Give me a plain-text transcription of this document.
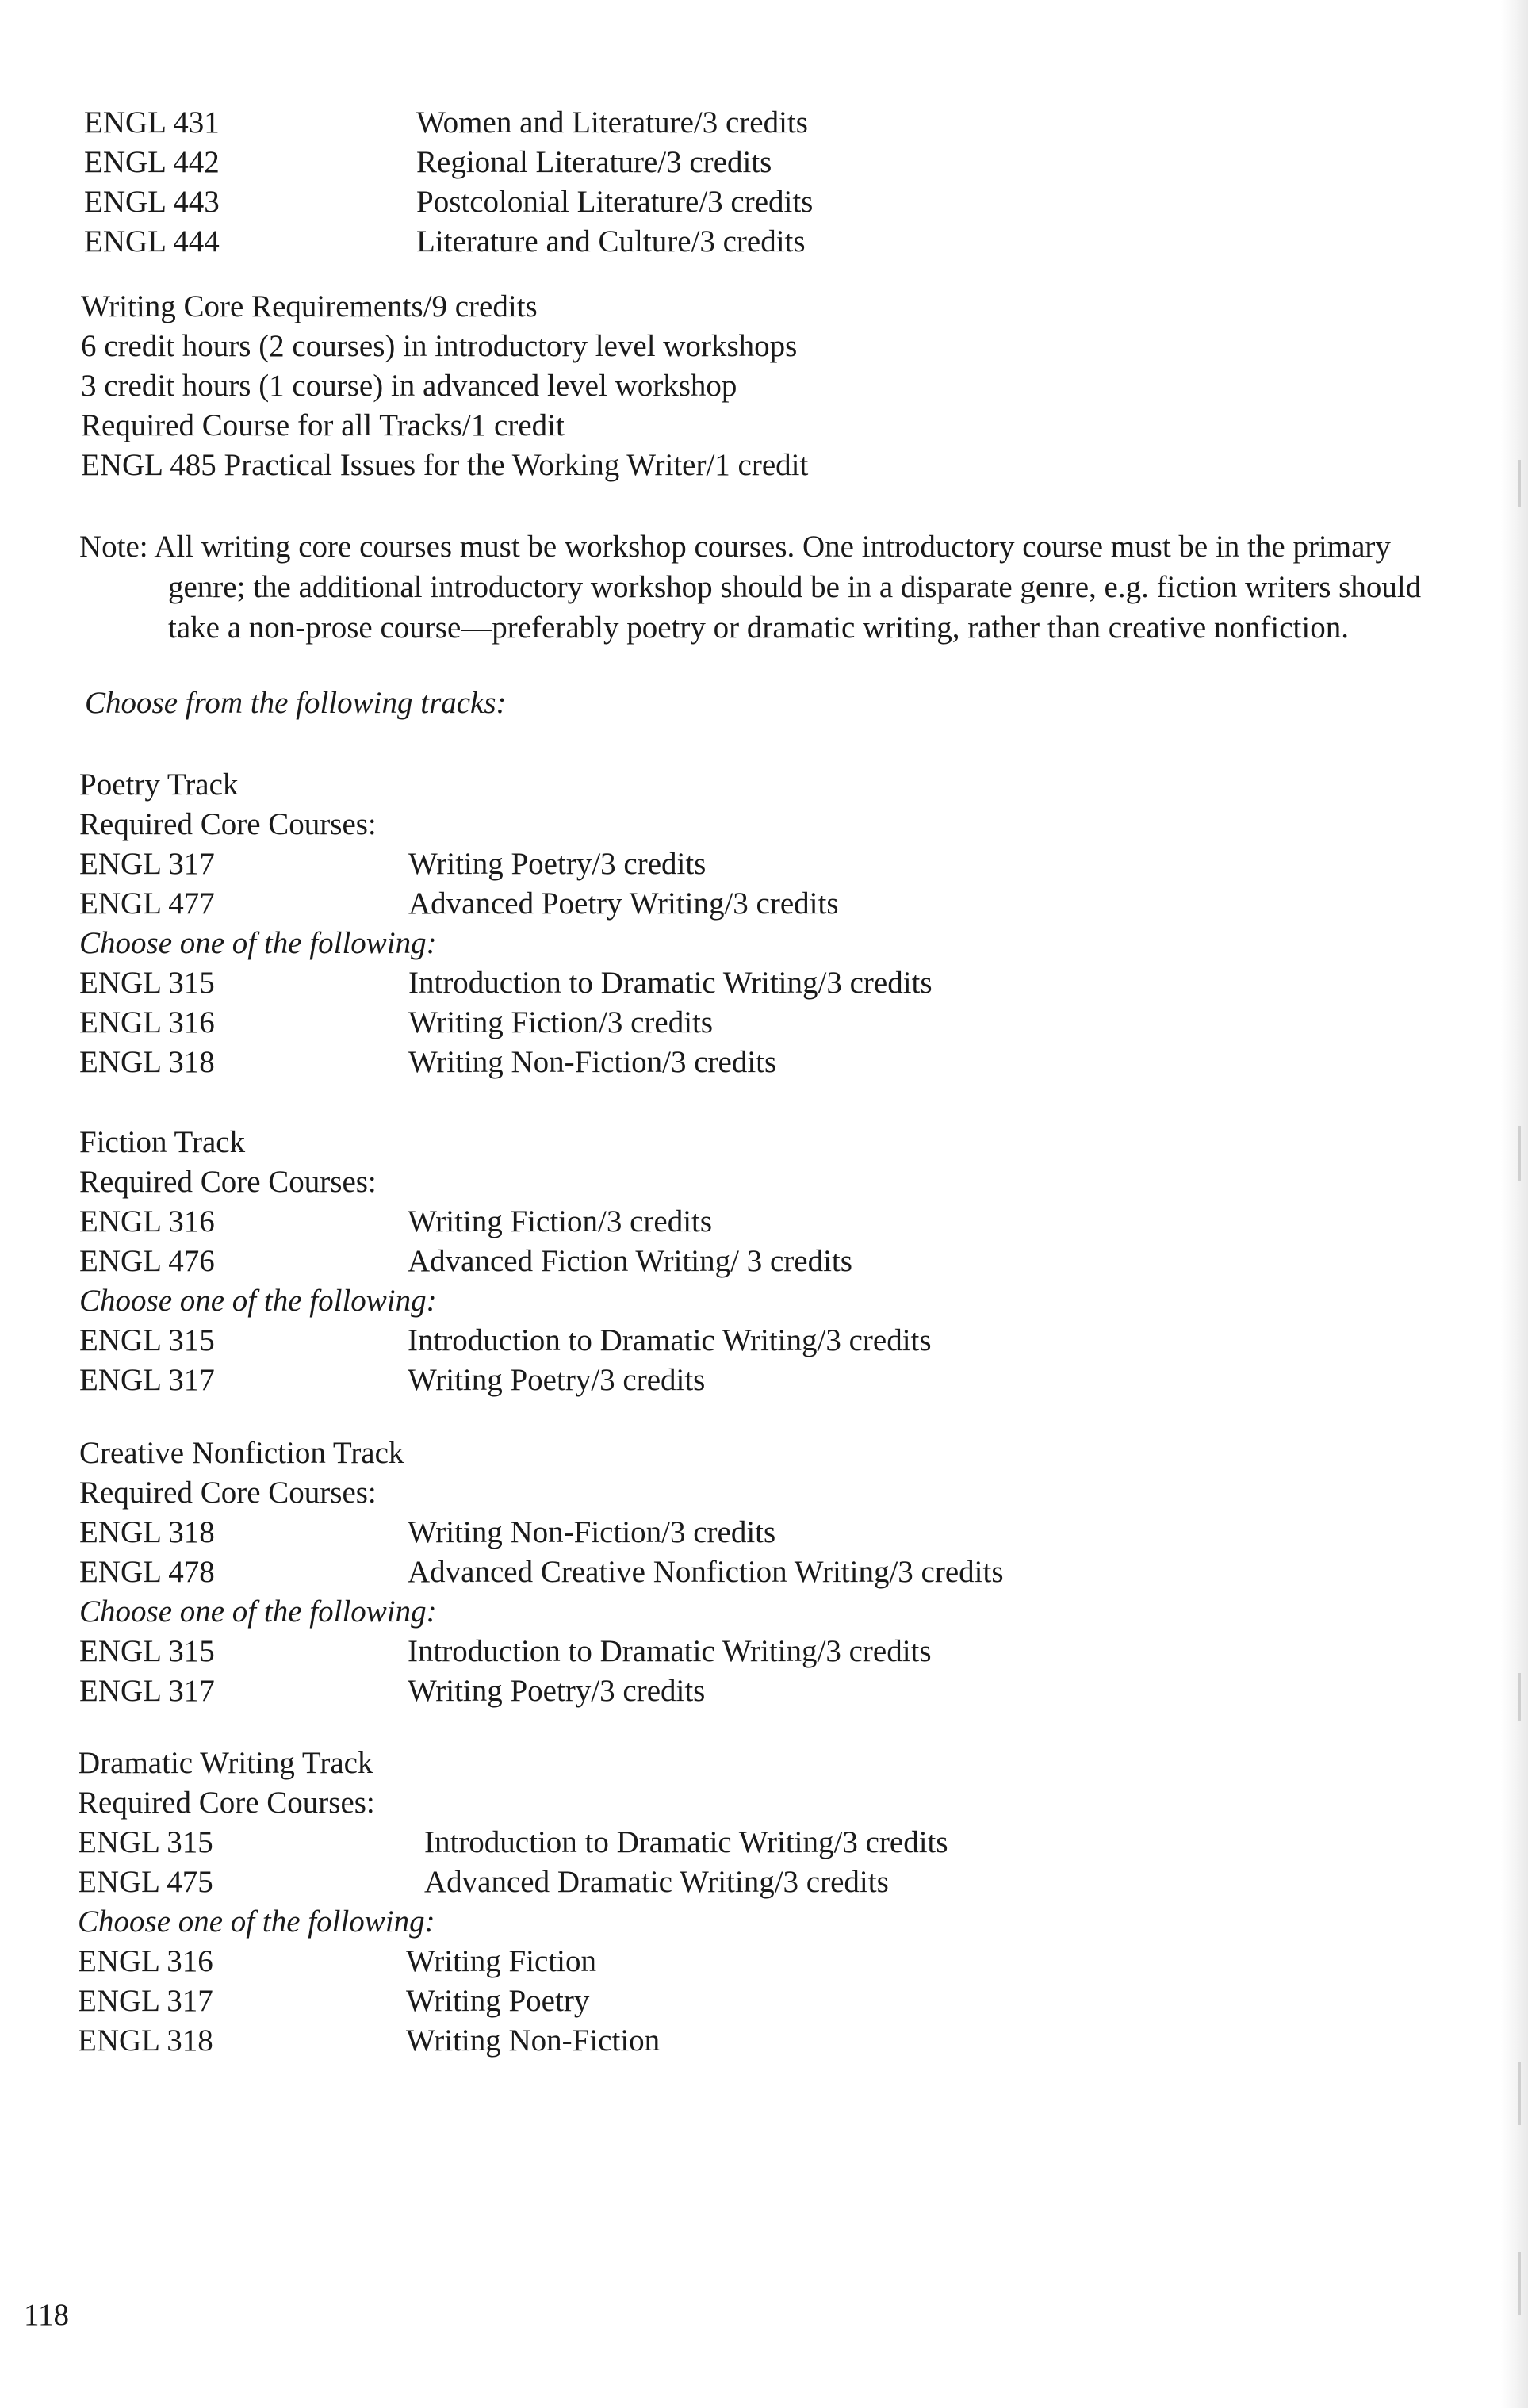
ENGL 431	Women and Literature/3 credits
ENGL 442	Regional Literature/3 credits
ENGL 443	Postcolonial Literature/3 credits
ENGL 444	Literature and Culture/3 credits
Writing Core Requirements/9 credits
6 credit hours (2 courses) in introductory level workshops
3 credit hours (1 course) in advanced level workshop
Required Course for all Tracks/1 credit
ENGL 485 Practical Issues for the Working Writer/1 credit

Note: All writing core courses must be workshop courses. One introductory course must be in the primary genre; the additional introductory workshop should be in a disparate genre, e.g. fiction writers should take a non-prose course—preferably poetry or dramatic writing, rather than creative nonfiction.

Choose from the following tracks:
Poetry Track
Required Core Courses:
ENGL 317	Writing Poetry/3 credits
ENGL 477	Advanced Poetry Writing/3 credits
Choose one of the following:
ENGL 315	Introduction to Dramatic Writing/3 credits
ENGL 316	Writing Fiction/3 credits
ENGL 318	Writing Non-Fiction/3 credits
Fiction Track
Required Core Courses:
ENGL 316	Writing Fiction/3 credits
ENGL 476	Advanced Fiction Writing/ 3 credits
Choose one of the following:
ENGL 315	Introduction to Dramatic Writing/3 credits
ENGL 317	Writing Poetry/3 credits
Creative Nonfiction Track
Required Core Courses:
ENGL 318	Writing Non-Fiction/3 credits
ENGL 478	Advanced Creative Nonfiction Writing/3 credits
Choose one of the following:
ENGL 315	Introduction to Dramatic Writing/3 credits
ENGL 317	Writing Poetry/3 credits
Dramatic Writing Track
Required Core Courses:
ENGL 315	Introduction to Dramatic Writing/3 credits
ENGL 475	Advanced Dramatic Writing/3 credits
Choose one of the following:
ENGL 316	Writing Fiction
ENGL 317	Writing Poetry
ENGL 318	Writing Non-Fiction
118
